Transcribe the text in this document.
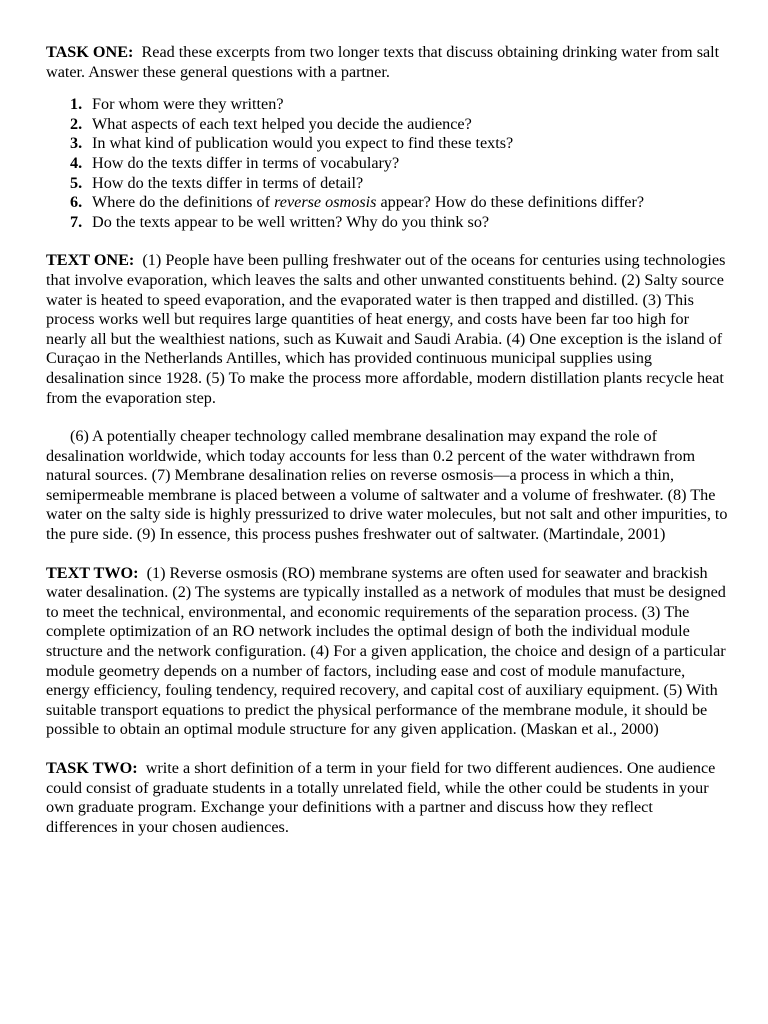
TASK ONE: Read these excerpts from two longer texts that discuss obtaining drinking water from salt water. Answer these general questions with a partner.

1. For whom were they written?
2. What aspects of each text helped you decide the audience?
3. In what kind of publication would you expect to find these texts?
4. How do the texts differ in terms of vocabulary?
5. How do the texts differ in terms of detail?
6. Where do the definitions of reverse osmosis appear? How do these definitions differ?
7. Do the texts appear to be well written? Why do you think so?

TEXT ONE: (1) People have been pulling freshwater out of the oceans for centuries using technologies that involve evaporation, which leaves the salts and other unwanted constituents behind. (2) Salty source water is heated to speed evaporation, and the evaporated water is then trapped and distilled. (3) This process works well but requires large quantities of heat energy, and costs have been far too high for nearly all but the wealthiest nations, such as Kuwait and Saudi Arabia. (4) One exception is the island of Curaçao in the Netherlands Antilles, which has provided continuous municipal supplies using desalination since 1928. (5) To make the process more affordable, modern distillation plants recycle heat from the evaporation step.

(6) A potentially cheaper technology called membrane desalination may expand the role of desalination worldwide, which today accounts for less than 0.2 percent of the water withdrawn from natural sources. (7) Membrane desalination relies on reverse osmosis—a process in which a thin, semipermeable membrane is placed between a volume of saltwater and a volume of freshwater. (8) The water on the salty side is highly pressurized to drive water molecules, but not salt and other impurities, to the pure side. (9) In essence, this process pushes freshwater out of saltwater. (Martindale, 2001)

TEXT TWO: (1) Reverse osmosis (RO) membrane systems are often used for seawater and brackish water desalination. (2) The systems are typically installed as a network of modules that must be designed to meet the technical, environmental, and economic requirements of the separation process. (3) The complete optimization of an RO network includes the optimal design of both the individual module structure and the network configuration. (4) For a given application, the choice and design of a particular module geometry depends on a number of factors, including ease and cost of module manufacture, energy efficiency, fouling tendency, required recovery, and capital cost of auxiliary equipment. (5) With suitable transport equations to predict the physical performance of the membrane module, it should be possible to obtain an optimal module structure for any given application. (Maskan et al., 2000)

TASK TWO: write a short definition of a term in your field for two different audiences. One audience could consist of graduate students in a totally unrelated field, while the other could be students in your own graduate program. Exchange your definitions with a partner and discuss how they reflect differences in your chosen audiences.
